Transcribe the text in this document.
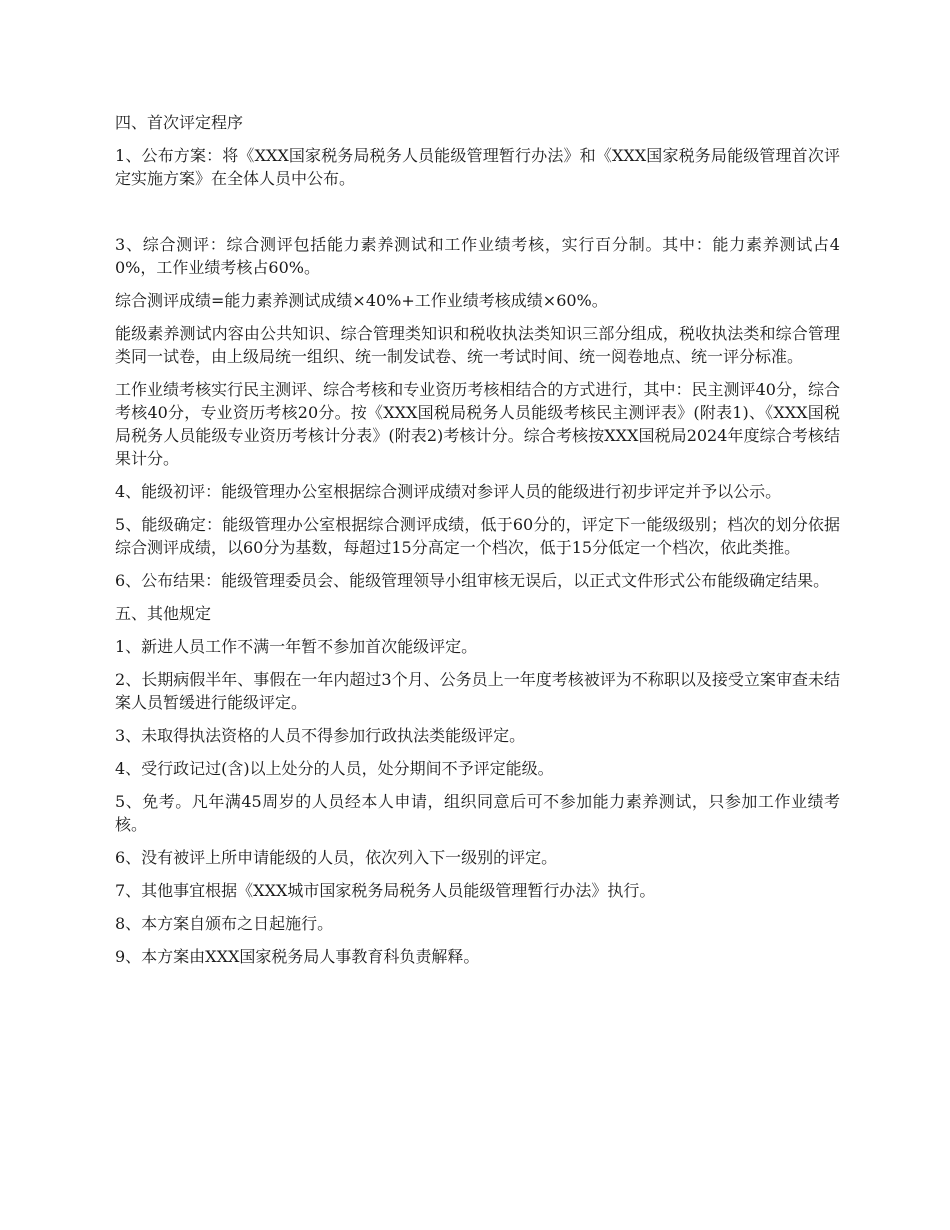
四、首次评定程序

1、公布方案：将《XXX国家税务局税务人员能级管理暂行办法》和《XXX国家税务局能级管理首次评定实施方案》在全体人员中公布。

3、综合测评：综合测评包括能力素养测试和工作业绩考核，实行百分制。其中：能力素养测试占40%，工作业绩考核占60%。

综合测评成绩=能力素养测试成绩×40%+工作业绩考核成绩×60%。

能级素养测试内容由公共知识、综合管理类知识和税收执法类知识三部分组成，税收执法类和综合管理类同一试卷，由上级局统一组织、统一制发试卷、统一考试时间、统一阅卷地点、统一评分标准。

工作业绩考核实行民主测评、综合考核和专业资历考核相结合的方式进行，其中：民主测评40分，综合考核40分，专业资历考核20分。按《XXX国税局税务人员能级考核民主测评表》(附表1)、《XXX国税局税务人员能级专业资历考核计分表》(附表2)考核计分。综合考核按XXX国税局2024年度综合考核结果计分。

4、能级初评：能级管理办公室根据综合测评成绩对参评人员的能级进行初步评定并予以公示。

5、能级确定：能级管理办公室根据综合测评成绩，低于60分的，评定下一能级级别；档次的划分依据综合测评成绩，以60分为基数，每超过15分高定一个档次，低于15分低定一个档次，依此类推。

6、公布结果：能级管理委员会、能级管理领导小组审核无误后，以正式文件形式公布能级确定结果。

五、其他规定

1、新进人员工作不满一年暂不参加首次能级评定。

2、长期病假半年、事假在一年内超过3个月、公务员上一年度考核被评为不称职以及接受立案审查未结案人员暂缓进行能级评定。

3、未取得执法资格的人员不得参加行政执法类能级评定。

4、受行政记过(含)以上处分的人员，处分期间不予评定能级。

5、免考。凡年满45周岁的人员经本人申请，组织同意后可不参加能力素养测试，只参加工作业绩考核。

6、没有被评上所申请能级的人员，依次列入下一级别的评定。

7、其他事宜根据《XXX城市国家税务局税务人员能级管理暂行办法》执行。

8、本方案自颁布之日起施行。

9、本方案由XXX国家税务局人事教育科负责解释。
